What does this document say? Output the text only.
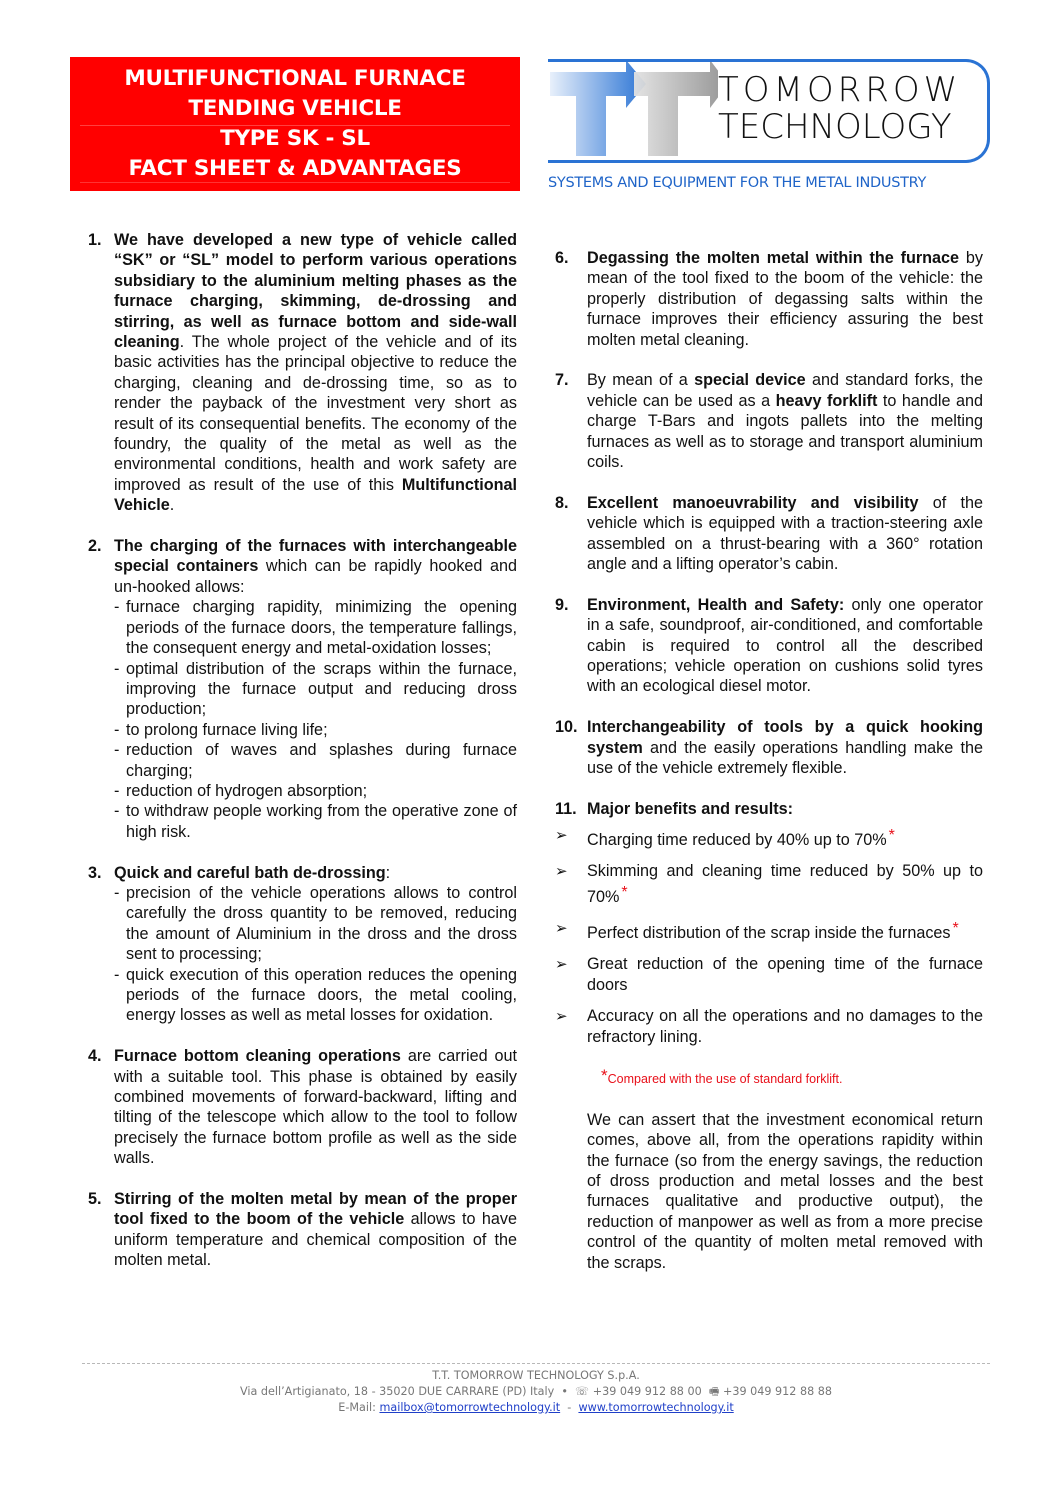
MULTIFUNCTIONAL FURNACE
TENDING VEHICLE
TYPE SK - SL
FACT SHEET & ADVANTAGES
TOMORROW
TECHNOLOGY
SYSTEMS AND EQUIPMENT FOR THE METAL INDUSTRY
1. We have developed a new type of vehicle called “SK” or “SL” model to perform various operations subsidiary to the aluminium melting phases as the furnace charging, skimming, de-drossing and stirring, as well as furnace bottom and side-wall cleaning. The whole project of the vehicle and of its basic activities has the principal objective to reduce the charging, cleaning and de-drossing time, so as to render the payback of the investment very short as result of its consequential benefits. The economy of the foundry, the quality of the metal as well as the environmental conditions, health and work safety are improved as result of the use of this Multifunctional Vehicle.
2. The charging of the furnaces with interchangeable special containers which can be rapidly hooked and un-hooked allows:
- furnace charging rapidity, minimizing the opening periods of the furnace doors, the temperature fallings, the consequent energy and metal-oxidation losses;
- optimal distribution of the scraps within the furnace, improving the furnace output and reducing dross production;
- to prolong furnace living life;
- reduction of waves and splashes during furnace charging;
- reduction of hydrogen absorption;
- to withdraw people working from the operative zone of high risk.
3. Quick and careful bath de-drossing:
- precision of the vehicle operations allows to control carefully the dross quantity to be removed, reducing the amount of Aluminium in the dross and the dross sent to processing;
- quick execution of this operation reduces the opening periods of the furnace doors, the metal cooling, energy losses as well as metal losses for oxidation.
4. Furnace bottom cleaning operations are carried out with a suitable tool. This phase is obtained by easily combined movements of forward-backward, lifting and tilting of the telescope which allow to the tool to follow precisely the furnace bottom profile as well as the side walls.
5. Stirring of the molten metal by mean of the proper tool fixed to the boom of the vehicle allows to have uniform temperature and chemical composition of the molten metal.
6. Degassing the molten metal within the furnace by mean of the tool fixed to the boom of the vehicle: the properly distribution of degassing salts within the furnace improves their efficiency assuring the best molten metal cleaning.
7. By mean of a special device and standard forks, the vehicle can be used as a heavy forklift to handle and charge T-Bars and ingots pallets into the melting furnaces as well as to storage and transport aluminium coils.
8. Excellent manoeuvrability and visibility of the vehicle which is equipped with a traction-steering axle assembled on a thrust-bearing with a 360° rotation angle and a lifting operator’s cabin.
9. Environment, Health and Safety: only one operator in a safe, soundproof, air-conditioned, and comfortable cabin is required to control all the described operations; vehicle operation on cushions solid tyres with an ecological diesel motor.
10. Interchangeability of tools by a quick hooking system and the easily operations handling make the use of the vehicle extremely flexible.
11. Major benefits and results:
➢ Charging time reduced by 40% up to 70% *
➢ Skimming and cleaning time reduced by 50% up to 70% *
➢ Perfect distribution of the scrap inside the furnaces *
➢ Great reduction of the opening time of the furnace doors
➢ Accuracy on all the operations and no damages to the refractory lining.
*Compared with the use of standard forklift.
We can assert that the investment economical return comes, above all, from the operations rapidity within the furnace (so from the energy savings, the reduction of dross production and metal losses and the best furnaces qualitative and productive output), the reduction of manpower as well as from a more precise control of the quantity of molten metal removed with the scraps.
T.T. TOMORROW TECHNOLOGY S.p.A.
Via dell’Artigianato, 18 - 35020 DUE CARRARE (PD) Italy • ☏ +39 049 912 88 00 🖷 +39 049 912 88 88
E-Mail: mailbox@tomorrowtechnology.it - www.tomorrowtechnology.it
